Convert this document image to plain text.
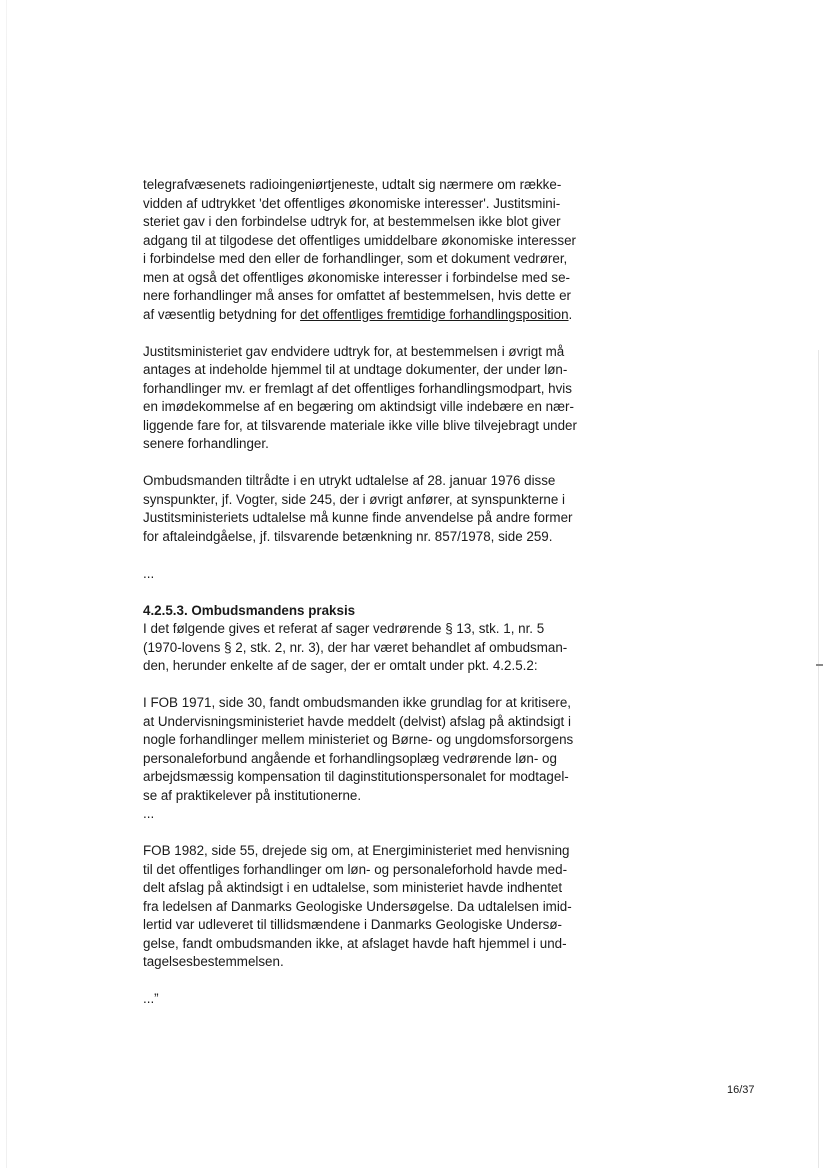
telegrafvæsenets radioingeniørtjeneste, udtalt sig nærmere om række-
vidden af udtrykket 'det offentliges økonomiske interesser'. Justitsmini-
steriet gav i den forbindelse udtryk for, at bestemmelsen ikke blot giver
adgang til at tilgodese det offentliges umiddelbare økonomiske interesser
i forbindelse med den eller de forhandlinger, som et dokument vedrører,
men at også det offentliges økonomiske interesser i forbindelse med se-
nere forhandlinger må anses for omfattet af bestemmelsen, hvis dette er
af væsentlig betydning for det offentliges fremtidige forhandlingsposition.

Justitsministeriet gav endvidere udtryk for, at bestemmelsen i øvrigt må
antages at indeholde hjemmel til at undtage dokumenter, der under løn-
forhandlinger mv. er fremlagt af det offentliges forhandlingsmodpart, hvis
en imødekommelse af en begæring om aktindsigt ville indebære en nær-
liggende fare for, at tilsvarende materiale ikke ville blive tilvejebragt under
senere forhandlinger.

Ombudsmanden tiltrådte i en utrykt udtalelse af 28. januar 1976 disse
synspunkter, jf. Vogter, side 245, der i øvrigt anfører, at synspunkterne i
Justitsministeriets udtalelse må kunne finde anvendelse på andre former
for aftaleindgåelse, jf. tilsvarende betænkning nr. 857/1978, side 259.

...

4.2.5.3. Ombudsmandens praksis

I det følgende gives et referat af sager vedrørende § 13, stk. 1, nr. 5
(1970-lovens § 2, stk. 2, nr. 3), der har været behandlet af ombudsman-
den, herunder enkelte af de sager, der er omtalt under pkt. 4.2.5.2:

I FOB 1971, side 30, fandt ombudsmanden ikke grundlag for at kritisere,
at Undervisningsministeriet havde meddelt (delvist) afslag på aktindsigt i
nogle forhandlinger mellem ministeriet og Børne- og ungdomsforsorgens
personaleforbund angående et forhandlingsoplæg vedrørende løn- og
arbejdsmæssig kompensation til daginstitutionspersonalet for modtagel-
se af praktikelever på institutionerne.

...

FOB 1982, side 55, drejede sig om, at Energiministeriet med henvisning
til det offentliges forhandlinger om løn- og personaleforhold havde med-
delt afslag på aktindsigt i en udtalelse, som ministeriet havde indhentet
fra ledelsen af Danmarks Geologiske Undersøgelse. Da udtalelsen imid-
lertid var udleveret til tillidsmændene i Danmarks Geologiske Undersø-
gelse, fandt ombudsmanden ikke, at afslaget havde haft hjemmel i und-
tagelsesbestemmelsen.

...”

16/37
